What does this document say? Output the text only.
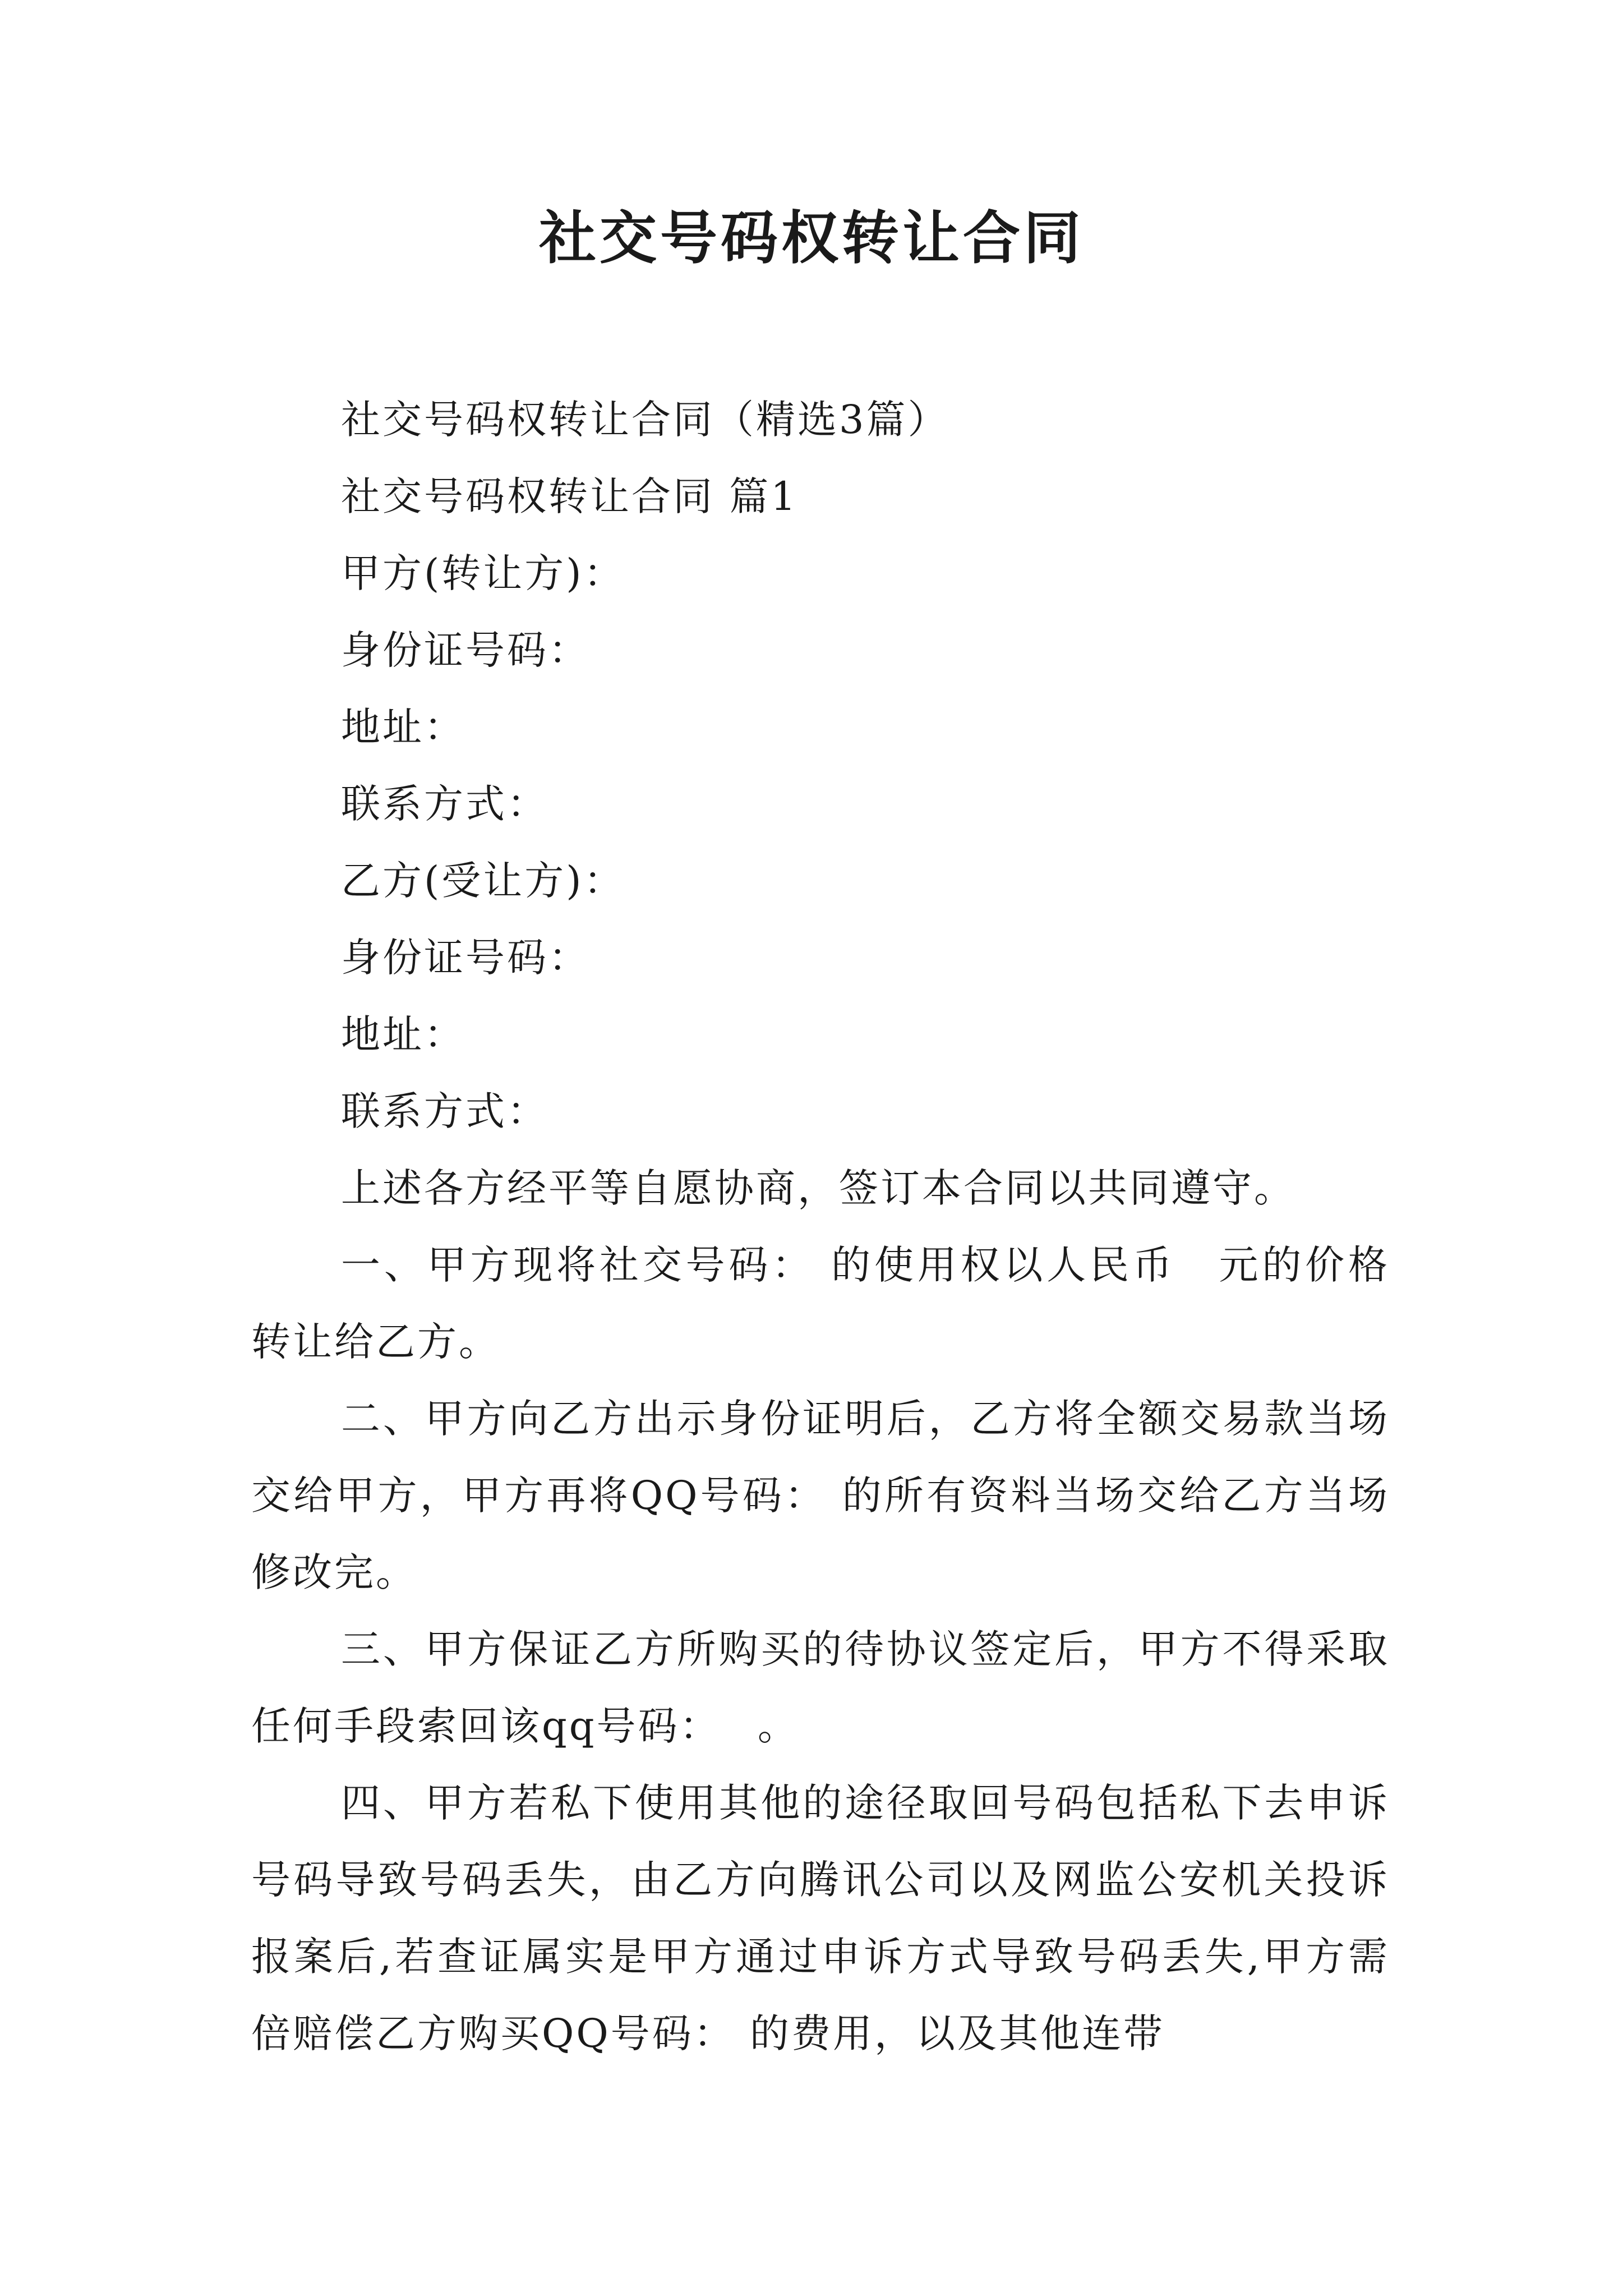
社交号码权转让合同

社交号码权转让合同（精选3篇）

社交号码权转让合同 篇1

甲方(转让方)：

身份证号码：

地址：

联系方式：

乙方(受让方)：

身份证号码：

地址：

联系方式：

上述各方经平等自愿协商，签订本合同以共同遵守。

一、甲方现将社交号码： 的使用权以人民币　元的价格转让给乙方。

二、甲方向乙方出示身份证明后，乙方将全额交易款当场交给甲方，甲方再将QQ号码： 的所有资料当场交给乙方当场修改完。

三、甲方保证乙方所购买的待协议签定后，甲方不得采取任何手段索回该qq号码：　 。

四、甲方若私下使用其他的途径取回号码包括私下去申诉号码导致号码丢失，由乙方向腾讯公司以及网监公安机关投诉报案后,若查证属实是甲方通过申诉方式导致号码丢失,甲方需　倍赔偿乙方购买QQ号码： 的费用，以及其他连带
